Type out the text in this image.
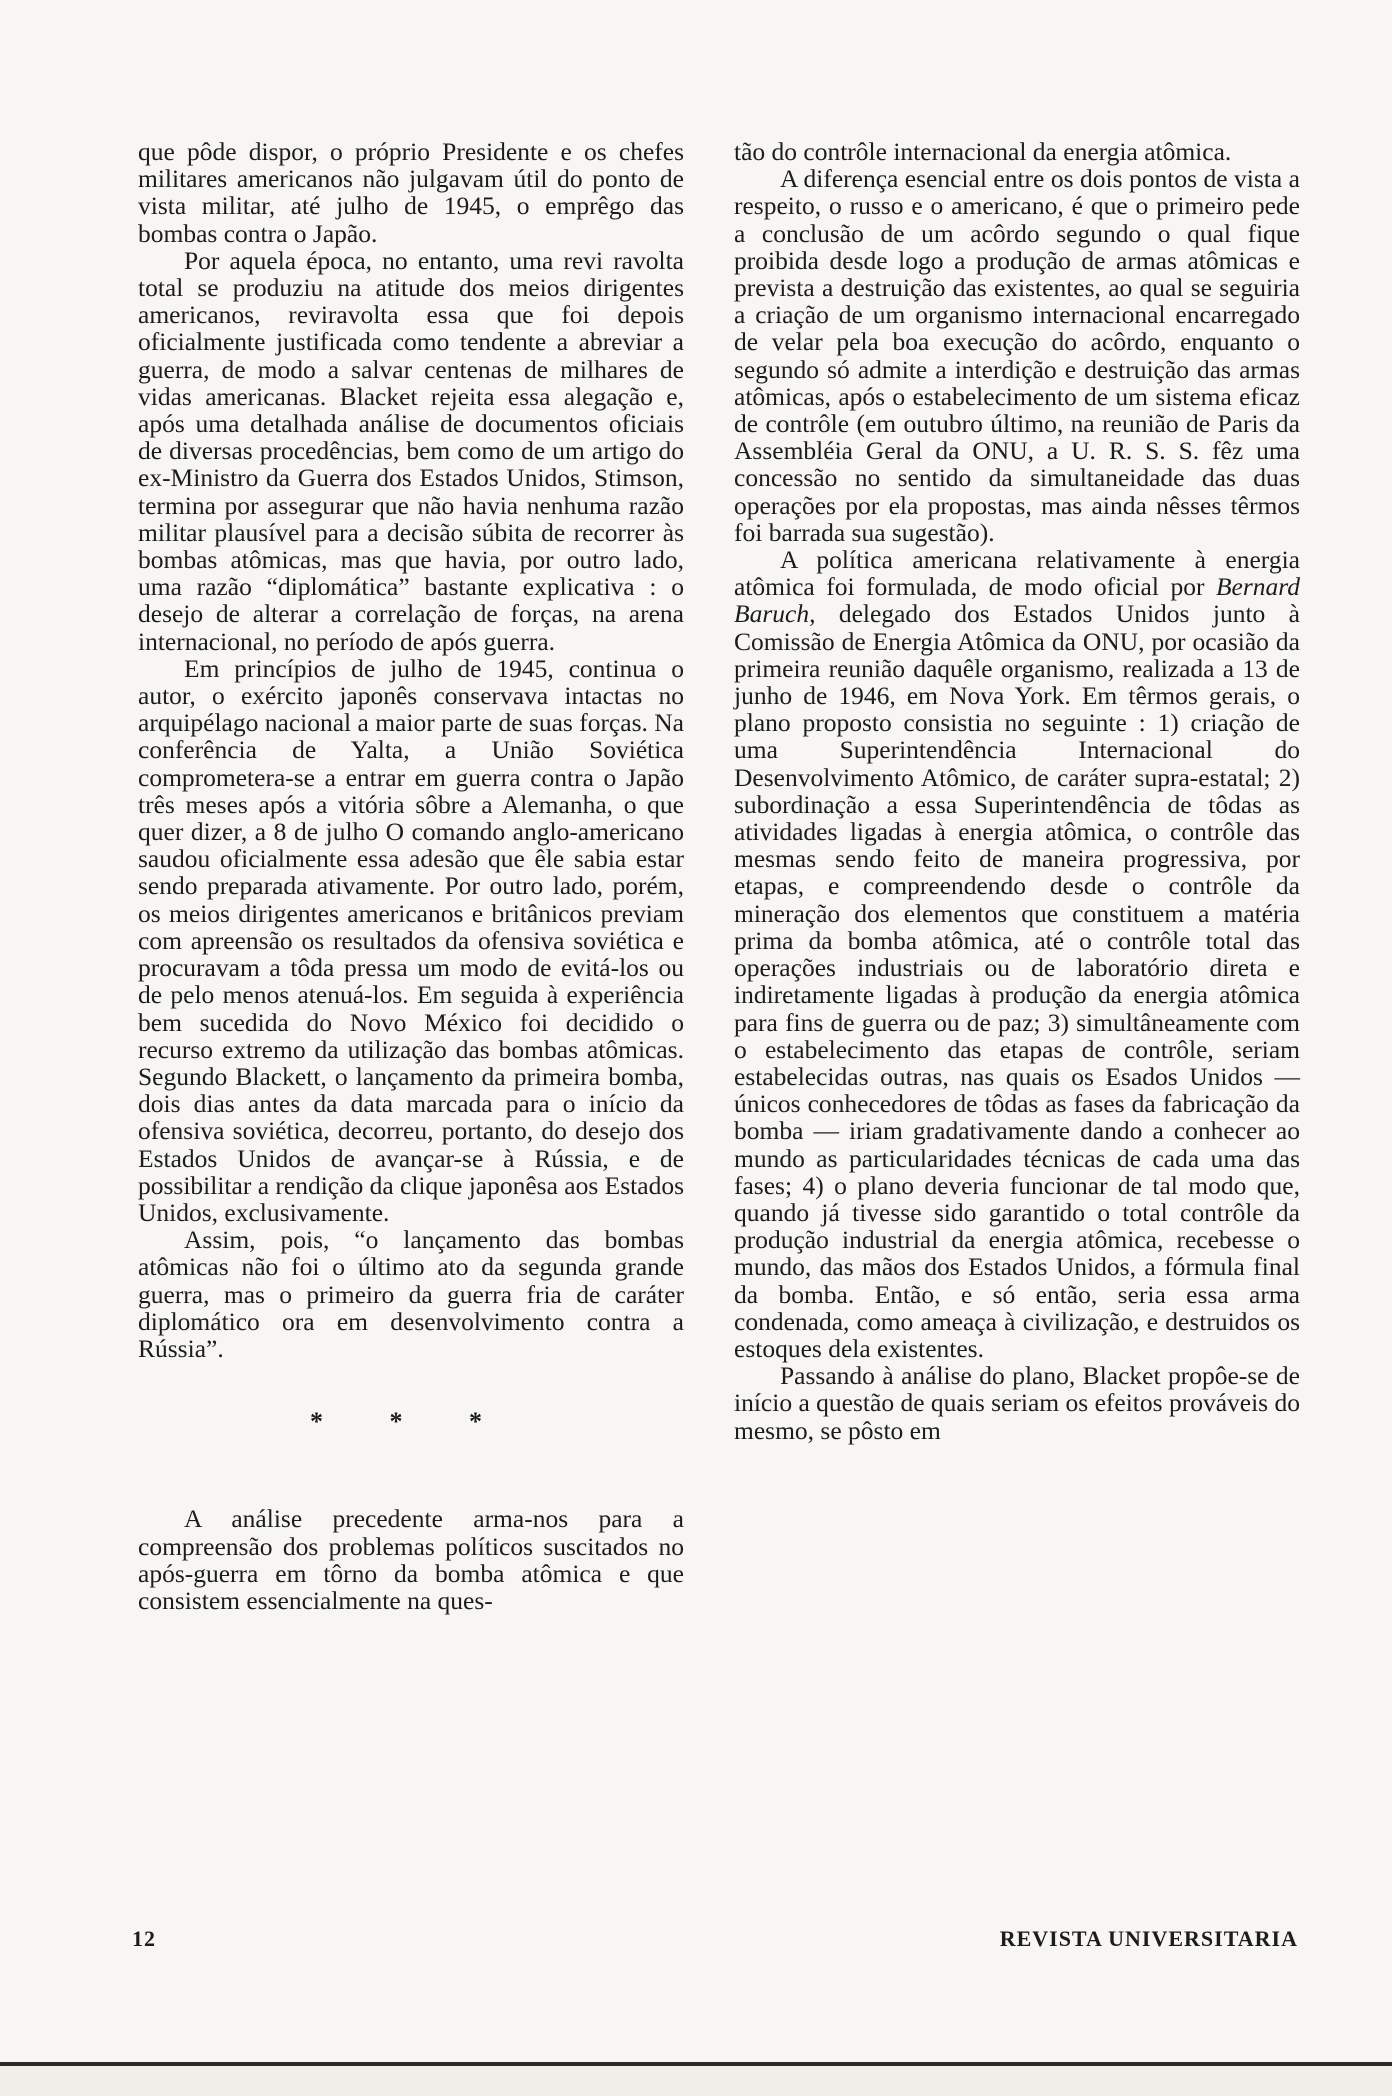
que pôde dispor, o próprio Presidente e os chefes militares americanos não julgavam útil do ponto de vista militar, até julho de 1945, o emprêgo das bombas contra o Japão.

Por aquela época, no entanto, uma revi ravolta total se produziu na atitude dos meios dirigentes americanos, reviravolta essa que foi depois oficialmente justificada como tendente a abreviar a guerra, de modo a salvar centenas de milhares de vidas americanas. Blacket rejeita essa alegação e, após uma detalhada análise de documentos oficiais de diversas procedências, bem como de um artigo do ex-Ministro da Guerra dos Estados Unidos, Stimson, termina por assegurar que não havia nenhuma razão militar plausível para a decisão súbita de recorrer às bombas atômicas, mas que havia, por outro lado, uma razão “diplomática” bastante explicativa : o desejo de alterar a correlação de forças, na arena internacional, no período de após guerra.

Em princípios de julho de 1945, continua o autor, o exército japonês conservava intactas no arquipélago nacional a maior parte de suas forças. Na conferência de Yalta, a União Soviética comprometera-se a entrar em guerra contra o Japão três meses após a vitória sôbre a Alemanha, o que quer dizer, a 8 de julho O comando anglo-americano saudou oficialmente essa adesão que êle sabia estar sendo preparada ativamente. Por outro lado, porém, os meios dirigentes americanos e britânicos previam com apreensão os resultados da ofensiva soviética e procuravam a tôda pressa um modo de evitá-los ou de pelo menos atenuá-los. Em seguida à experiência bem sucedida do Novo México foi decidido o recurso extremo da utilização das bombas atômicas. Segundo Blackett, o lançamento da primeira bomba, dois dias antes da data marcada para o início da ofensiva soviética, decorreu, portanto, do desejo dos Estados Unidos de avançar-se à Rússia, e de possibilitar a rendição da clique japonêsa aos Estados Unidos, exclusivamente.

Assim, pois, “o lançamento das bombas atômicas não foi o último ato da segunda grande guerra, mas o primeiro da guerra fria de caráter diplomático ora em desenvolvimento contra a Rússia”.

* * *

A análise precedente arma-nos para a compreensão dos problemas políticos suscitados no após-guerra em tôrno da bomba atômica e que consistem essencialmente na ques-

tão do contrôle internacional da energia atômica.

A diferença esencial entre os dois pontos de vista a respeito, o russo e o americano, é que o primeiro pede a conclusão de um acôrdo segundo o qual fique proibida desde logo a produção de armas atômicas e prevista a destruição das existentes, ao qual se seguiria a criação de um organismo internacional encarregado de velar pela boa execução do acôrdo, enquanto o segundo só admite a interdição e destruição das armas atômicas, após o estabelecimento de um sistema eficaz de contrôle (em outubro último, na reunião de Paris da Assembléia Geral da ONU, a U. R. S. S. fêz uma concessão no sentido da simultaneidade das duas operações por ela propostas, mas ainda nêsses têrmos foi barrada sua sugestão).

A política americana relativamente à energia atômica foi formulada, de modo oficial por Bernard Baruch, delegado dos Estados Unidos junto à Comissão de Energia Atômica da ONU, por ocasião da primeira reunião daquêle organismo, realizada a 13 de junho de 1946, em Nova York. Em têrmos gerais, o plano proposto consistia no seguinte : 1) criação de uma Superintendência Internacional do Desenvolvimento Atômico, de caráter supra-estatal; 2) subordinação a essa Superintendência de tôdas as atividades ligadas à energia atômica, o contrôle das mesmas sendo feito de maneira progressiva, por etapas, e compreendendo desde o contrôle da mineração dos elementos que constituem a matéria prima da bomba atômica, até o contrôle total das operações industriais ou de laboratório direta e indiretamente ligadas à produção da energia atômica para fins de guerra ou de paz; 3) simultâneamente com o estabelecimento das etapas de contrôle, seriam estabelecidas outras, nas quais os Esados Unidos — únicos conhecedores de tôdas as fases da fabricação da bomba — iriam gradativamente dando a conhecer ao mundo as particularidades técnicas de cada uma das fases; 4) o plano deveria funcionar de tal modo que, quando já tivesse sido garantido o total contrôle da produção industrial da energia atômica, recebesse o mundo, das mãos dos Estados Unidos, a fórmula final da bomba. Então, e só então, seria essa arma condenada, como ameaça à civilização, e destruidos os estoques dela existentes.

Passando à análise do plano, Blacket propôe-se de início a questão de quais seriam os efeitos prováveis do mesmo, se pôsto em

12	REVISTA UNIVERSITARIA
